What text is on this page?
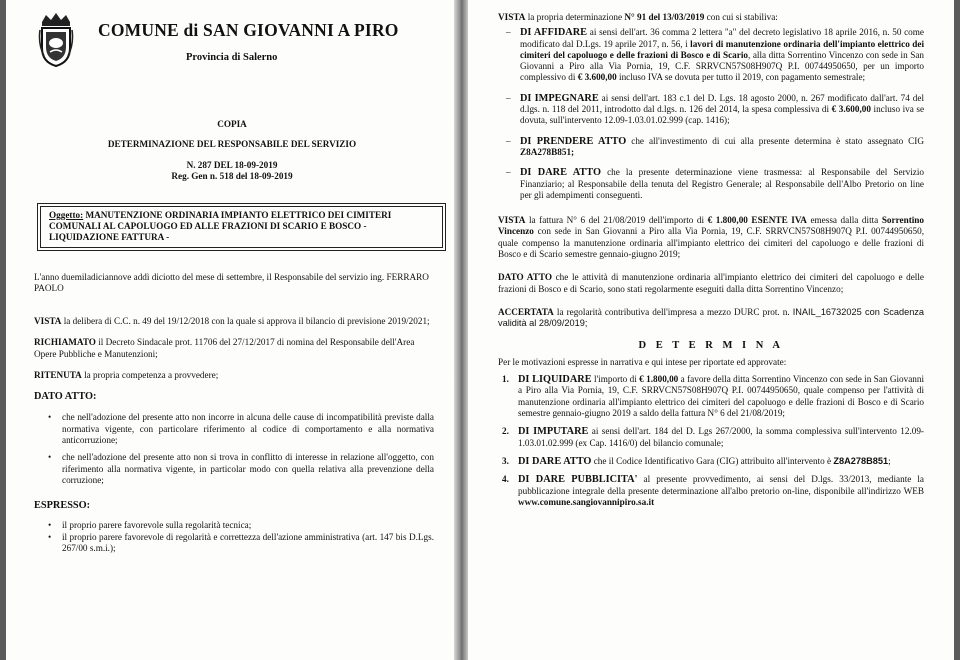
COMUNE di SAN GIOVANNI A PIRO
Provincia di Salerno
COPIA
DETERMINAZIONE DEL RESPONSABILE DEL SERVIZIO
N. 287 DEL 18-09-2019
Reg. Gen n. 518 del 18-09-2019
Oggetto: MANUTENZIONE ORDINARIA IMPIANTO ELETTRICO DEI CIMITERI COMUNALI AL CAPOLUOGO ED ALLE FRAZIONI DI SCARIO E BOSCO - LIQUIDAZIONE FATTURA -

L'anno duemiladiciannove addì diciotto del mese di settembre, il Responsabile del servizio ing. FERRARO PAOLO

VISTA la delibera di C.C. n. 49 del 19/12/2018 con la quale si approva il bilancio di previsione 2019/2021;

RICHIAMATO il Decreto Sindacale prot. 11706 del 27/12/2017 di nomina del Responsabile dell'Area Opere Pubbliche e Manutenzioni;

RITENUTA la propria competenza a provvedere;

DATO ATTO:

• che nell'adozione del presente atto non incorre in alcuna delle cause di incompatibilità previste dalla normativa vigente, con particolare riferimento al codice di comportamento e alla normativa anticorruzione;
• che nell'adozione del presente atto non si trova in conflitto di interesse in relazione all'oggetto, con riferimento alla normativa vigente, in particolar modo con quella relativa alla prevenzione della corruzione;

ESPRESSO:

• il proprio parere favorevole sulla regolarità tecnica;
• il proprio parere favorevole di regolarità e correttezza dell'azione amministrativa (art. 147 bis D.Lgs. 267/00 s.m.i.);

VISTA la propria determinazione N° 91 del 13/03/2019 con cui si stabiliva:

– DI AFFIDARE ai sensi dell'art. 36 comma 2 lettera "a" del decreto legislativo 18 aprile 2016, n. 50 come modificato dal D.Lgs. 19 aprile 2017, n. 56, i lavori di manutenzione ordinaria dell'impianto elettrico dei cimiteri del capoluogo e delle frazioni di Bosco e di Scario, alla ditta Sorrentino Vincenzo con sede in San Giovanni a Piro alla Via Pornia, 19, C.F. SRRVCN57S08H907Q P.I. 00744950650, per un importo complessivo di € 3.600,00 incluso IVA se dovuta per tutto il 2019, con pagamento semestrale;
– DI IMPEGNARE ai sensi dell'art. 183 c.1 del D. Lgs. 18 agosto 2000, n. 267 modificato dall'art. 74 del d.lgs. n. 118 del 2011, introdotto dal d.lgs. n. 126 del 2014, la spesa complessiva di € 3.600,00 incluso iva se dovuta, sull'intervento 12.09-1.03.01.02.999 (cap. 1416);
– DI PRENDERE ATTO che all'investimento di cui alla presente determina è stato assegnato CIG Z8A278B851;
– DI DARE ATTO che la presente determinazione viene trasmessa: al Responsabile del Servizio Finanziario; al Responsabile della tenuta del Registro Generale; al Responsabile dell'Albo Pretorio on line per gli adempimenti conseguenti.

VISTA la fattura N° 6 del 21/08/2019 dell'importo di € 1.800,00 ESENTE IVA emessa dalla ditta Sorrentino Vincenzo con sede in San Giovanni a Piro alla Via Pornia, 19, C.F. SRRVCN57S08H907Q P.I. 00744950650, quale compenso la manutenzione ordinaria all'impianto elettrico dei cimiteri del capoluogo e delle frazioni di Bosco e di Scario semestre gennaio-giugno 2019;

DATO ATTO che le attività di manutenzione ordinaria all'impianto elettrico dei cimiteri del capoluogo e delle frazioni di Bosco e di Scario, sono stati regolarmente eseguiti dalla ditta Sorrentino Vincenzo;

ACCERTATA la regolarità contributiva dell'impresa a mezzo DURC prot. n. INAIL_16732025 con Scadenza validità al 28/09/2019;

D E T E R M I N A

Per le motivazioni espresse in narrativa e qui intese per riportate ed approvate:

1. DI LIQUIDARE l'importo di € 1.800,00 a favore della ditta Sorrentino Vincenzo con sede in San Giovanni a Piro alla Via Pornia, 19, C.F. SRRVCN57S08H907Q P.I. 00744950650, quale compenso per l'attività di manutenzione ordinaria all'impianto elettrico dei cimiteri del capoluogo e delle frazioni di Bosco e di Scario semestre gennaio-giugno 2019 a saldo della fattura N° 6 del 21/08/2019;
2. DI IMPUTARE ai sensi dell'art. 184 del D. Lgs 267/2000, la somma complessiva sull'intervento 12.09-1.03.01.02.999 (ex Cap. 1416/0) del bilancio comunale;
3. DI DARE ATTO che il Codice Identificativo Gara (CIG) attribuito all'intervento è Z8A278B851;
4. DI DARE PUBBLICITA' al presente provvedimento, ai sensi del D.lgs. 33/2013, mediante la pubblicazione integrale della presente determinazione all'albo pretorio on-line, disponibile all'indirizzo WEB www.comune.sangiovannipiro.sa.it
